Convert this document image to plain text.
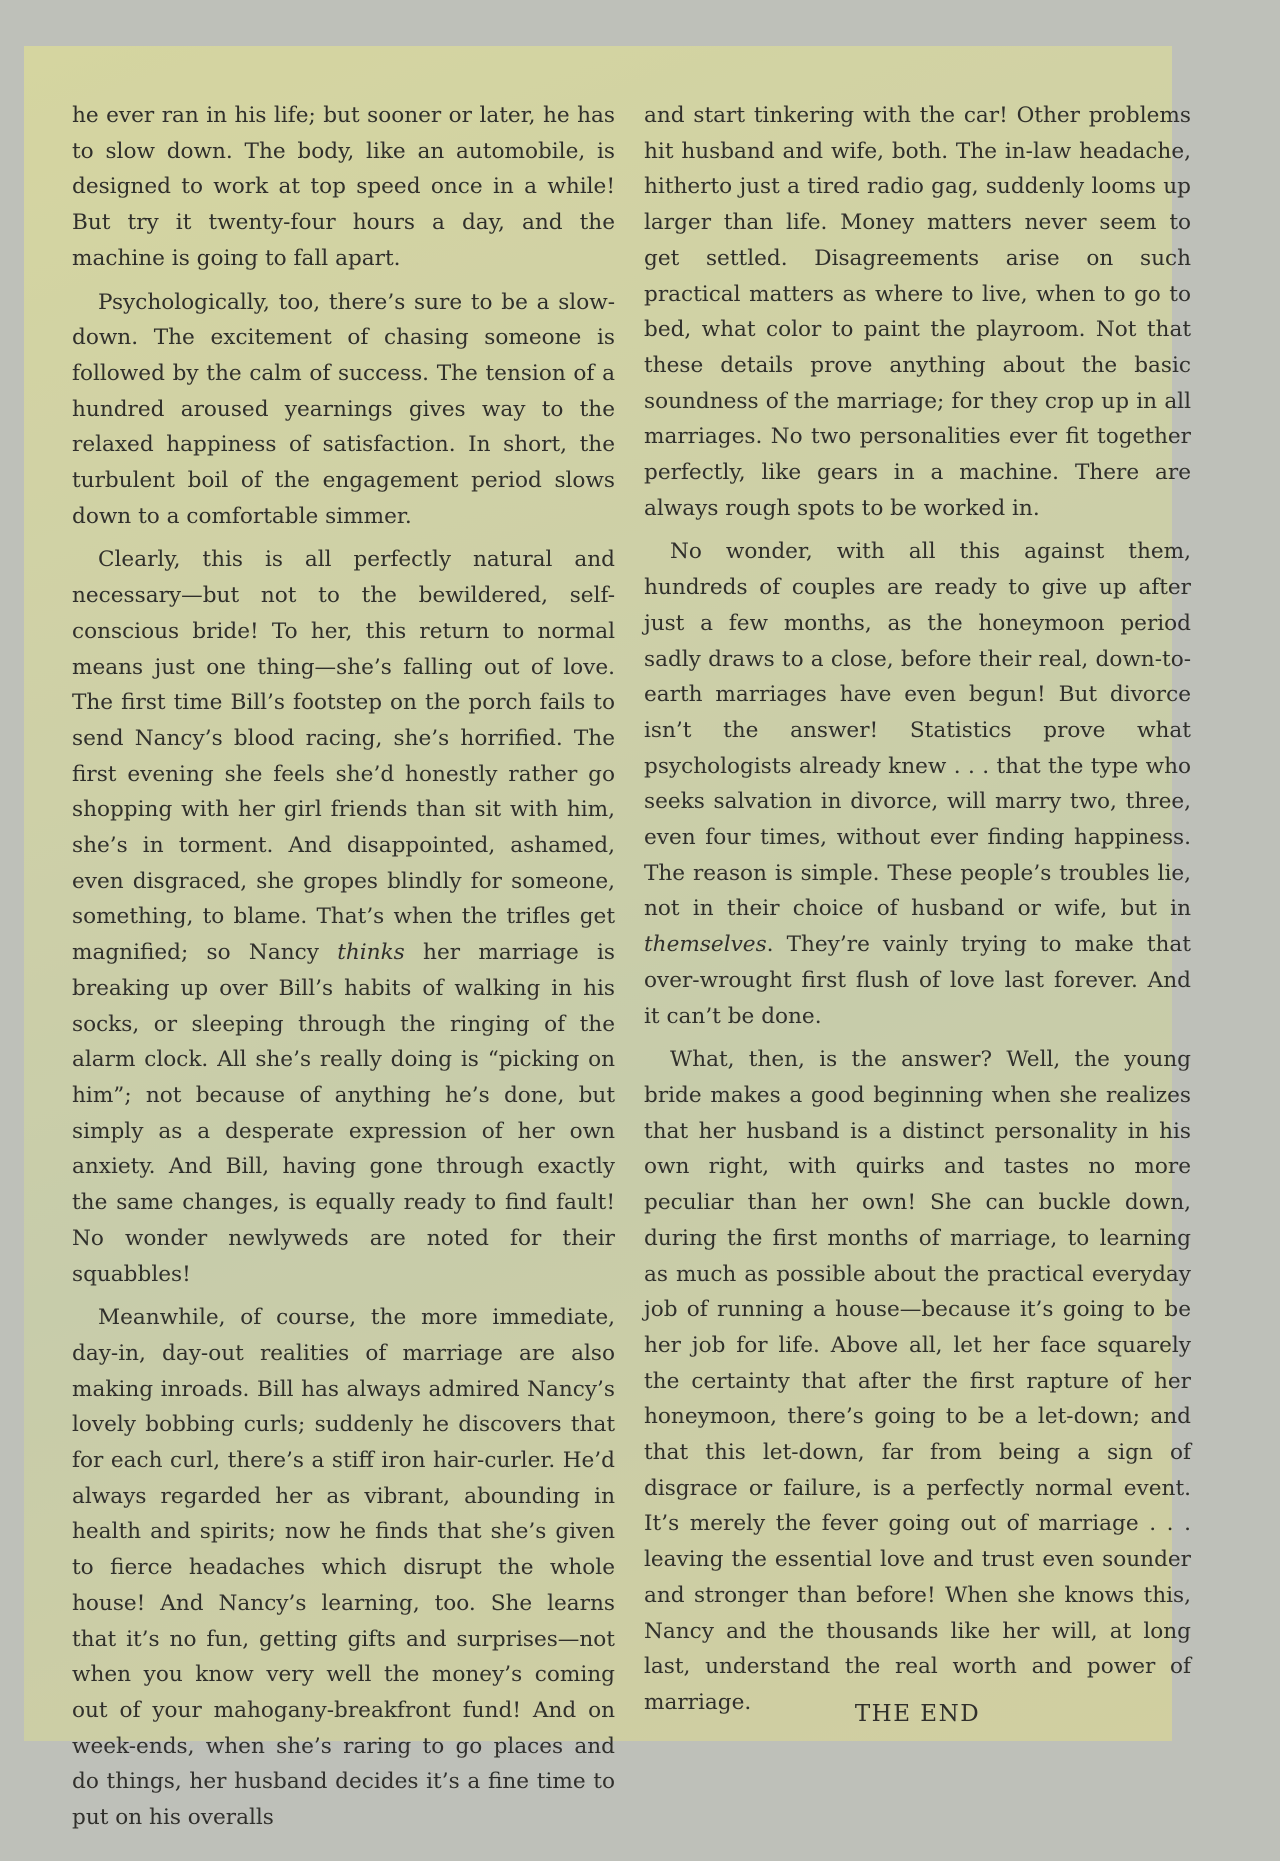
he ever ran in his life; but sooner or later, he has to slow down. The body, like an automobile, is designed to work at top speed once in a while! But try it twenty-four hours a day, and the machine is going to fall apart.

Psychologically, too, there’s sure to be a slow-down. The excitement of chasing someone is followed by the calm of success. The tension of a hundred aroused yearnings gives way to the relaxed happiness of satisfaction. In short, the turbulent boil of the engagement period slows down to a comfortable simmer.

Clearly, this is all perfectly natural and necessary—but not to the bewildered, self-conscious bride! To her, this return to normal means just one thing—she’s falling out of love. The first time Bill’s footstep on the porch fails to send Nancy’s blood racing, she’s horrified. The first evening she feels she’d honestly rather go shopping with her girl friends than sit with him, she’s in torment. And disappointed, ashamed, even disgraced, she gropes blindly for someone, something, to blame. That’s when the trifles get magnified; so Nancy thinks her marriage is breaking up over Bill’s habits of walking in his socks, or sleeping through the ringing of the alarm clock. All she’s really doing is “picking on him”; not because of anything he’s done, but simply as a desperate expression of her own anxiety. And Bill, having gone through exactly the same changes, is equally ready to find fault! No wonder newlyweds are noted for their squabbles!

Meanwhile, of course, the more immediate, day-in, day-out realities of marriage are also making inroads. Bill has always admired Nancy’s lovely bobbing curls; suddenly he discovers that for each curl, there’s a stiff iron hair-curler. He’d always regarded her as vibrant, abounding in health and spirits; now he finds that she’s given to fierce headaches which disrupt the whole house! And Nancy’s learning, too. She learns that it’s no fun, getting gifts and surprises—not when you know very well the money’s coming out of your mahogany-breakfront fund! And on week-ends, when she’s raring to go places and do things, her husband decides it’s a fine time to put on his overalls

and start tinkering with the car! Other problems hit husband and wife, both. The in-law headache, hitherto just a tired radio gag, suddenly looms up larger than life. Money matters never seem to get settled. Disagreements arise on such practical matters as where to live, when to go to bed, what color to paint the playroom. Not that these details prove anything about the basic soundness of the marriage; for they crop up in all marriages. No two personalities ever fit together perfectly, like gears in a machine. There are always rough spots to be worked in.

No wonder, with all this against them, hundreds of couples are ready to give up after just a few months, as the honeymoon period sadly draws to a close, before their real, down-to-earth marriages have even begun! But divorce isn’t the answer! Statistics prove what psychologists already knew . . . that the type who seeks salvation in divorce, will marry two, three, even four times, without ever finding happiness. The reason is simple. These people’s troubles lie, not in their choice of husband or wife, but in themselves. They’re vainly trying to make that over-wrought first flush of love last forever. And it can’t be done.

What, then, is the answer? Well, the young bride makes a good beginning when she realizes that her husband is a distinct personality in his own right, with quirks and tastes no more peculiar than her own! She can buckle down, during the first months of marriage, to learning as much as possible about the practical everyday job of running a house—because it’s going to be her job for life. Above all, let her face squarely the certainty that after the first rapture of her honeymoon, there’s going to be a let-down; and that this let-down, far from being a sign of disgrace or failure, is a perfectly normal event. It’s merely the fever going out of marriage . . . leaving the essential love and trust even sounder and stronger than before! When she knows this, Nancy and the thousands like her will, at long last, understand the real worth and power of marriage.	THE END
